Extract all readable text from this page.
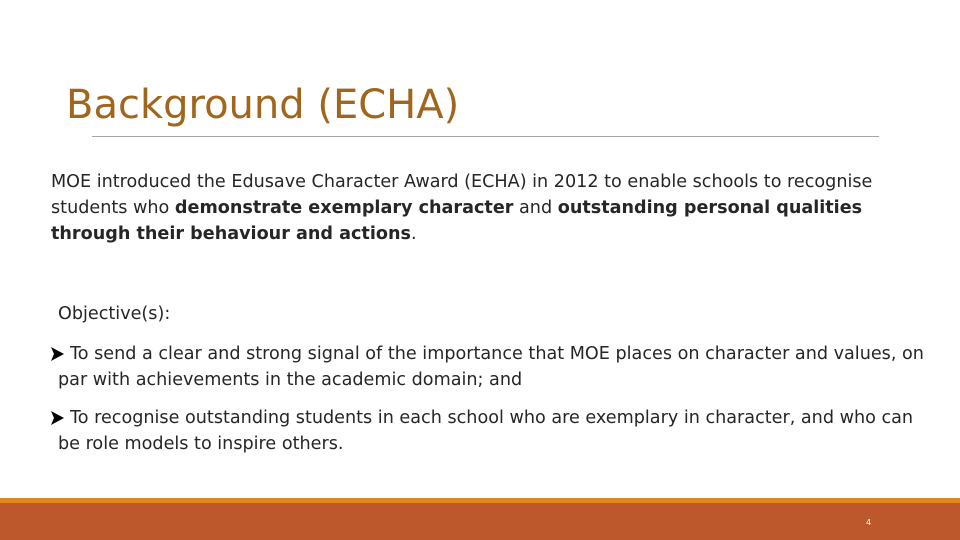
Background (ECHA)

MOE introduced the Edusave Character Award (ECHA) in 2012 to enable schools to recognise students who demonstrate exemplary character and outstanding personal qualities through their behaviour and actions.

Objective(s):

To send a clear and strong signal of the importance that MOE places on character and values, on par with achievements in the academic domain; and
To recognise outstanding students in each school who are exemplary in character, and who can be role models to inspire others.
4
